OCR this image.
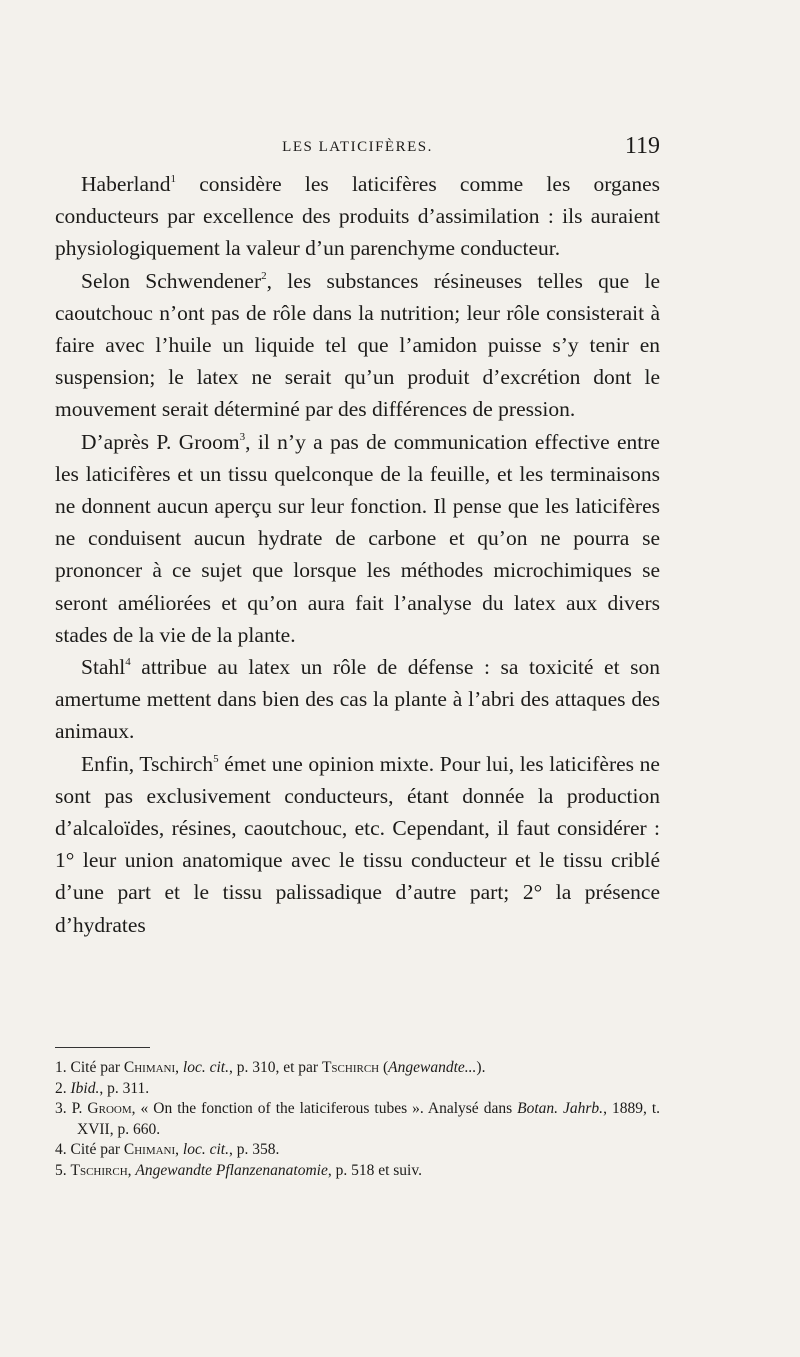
LES LATICIFÈRES.	119

Haberland$^1$ considère les laticifères comme les organes conducteurs par excellence des produits d’assimilation : ils auraient physiologiquement la valeur d’un parenchyme conducteur.

Selon Schwendener$^2$, les substances résineuses telles que le caoutchouc n’ont pas de rôle dans la nutrition; leur rôle consisterait à faire avec l’huile un liquide tel que l’amidon puisse s’y tenir en suspension; le latex ne serait qu’un produit d’excrétion dont le mouvement serait déterminé par des différences de pression.

D’après P. Groom$^3$, il n’y a pas de communication effective entre les laticifères et un tissu quelconque de la feuille, et les terminaisons ne donnent aucun aperçu sur leur fonction. Il pense que les laticifères ne conduisent aucun hydrate de carbone et qu’on ne pourra se prononcer à ce sujet que lorsque les méthodes microchimiques se seront améliorées et qu’on aura fait l’analyse du latex aux divers stades de la vie de la plante.

Stahl$^4$ attribue au latex un rôle de défense : sa toxicité et son amertume mettent dans bien des cas la plante à l’abri des attaques des animaux.

Enfin, Tschirch$^5$ émet une opinion mixte. Pour lui, les laticifères ne sont pas exclusivement conducteurs, étant donnée la production d’alcaloïdes, résines, caoutchouc, etc. Cependant, il faut considérer : 1° leur union anatomique avec le tissu conducteur et le tissu criblé d’une part et le tissu palissadique d’autre part; 2° la présence d’hydrates

1. Cité par Chimani, loc. cit., p. 310, et par Tschirch (Angewandte...).

2. Ibid., p. 311.

3. P. Groom, « On the fonction of the laticiferous tubes ». Analysé dans Botan. Jahrb., 1889, t. XVII, p. 660.

4. Cité par Chimani, loc. cit., p. 358.

5. Tschirch, Angewandte Pflanzenanatomie, p. 518 et suiv.
